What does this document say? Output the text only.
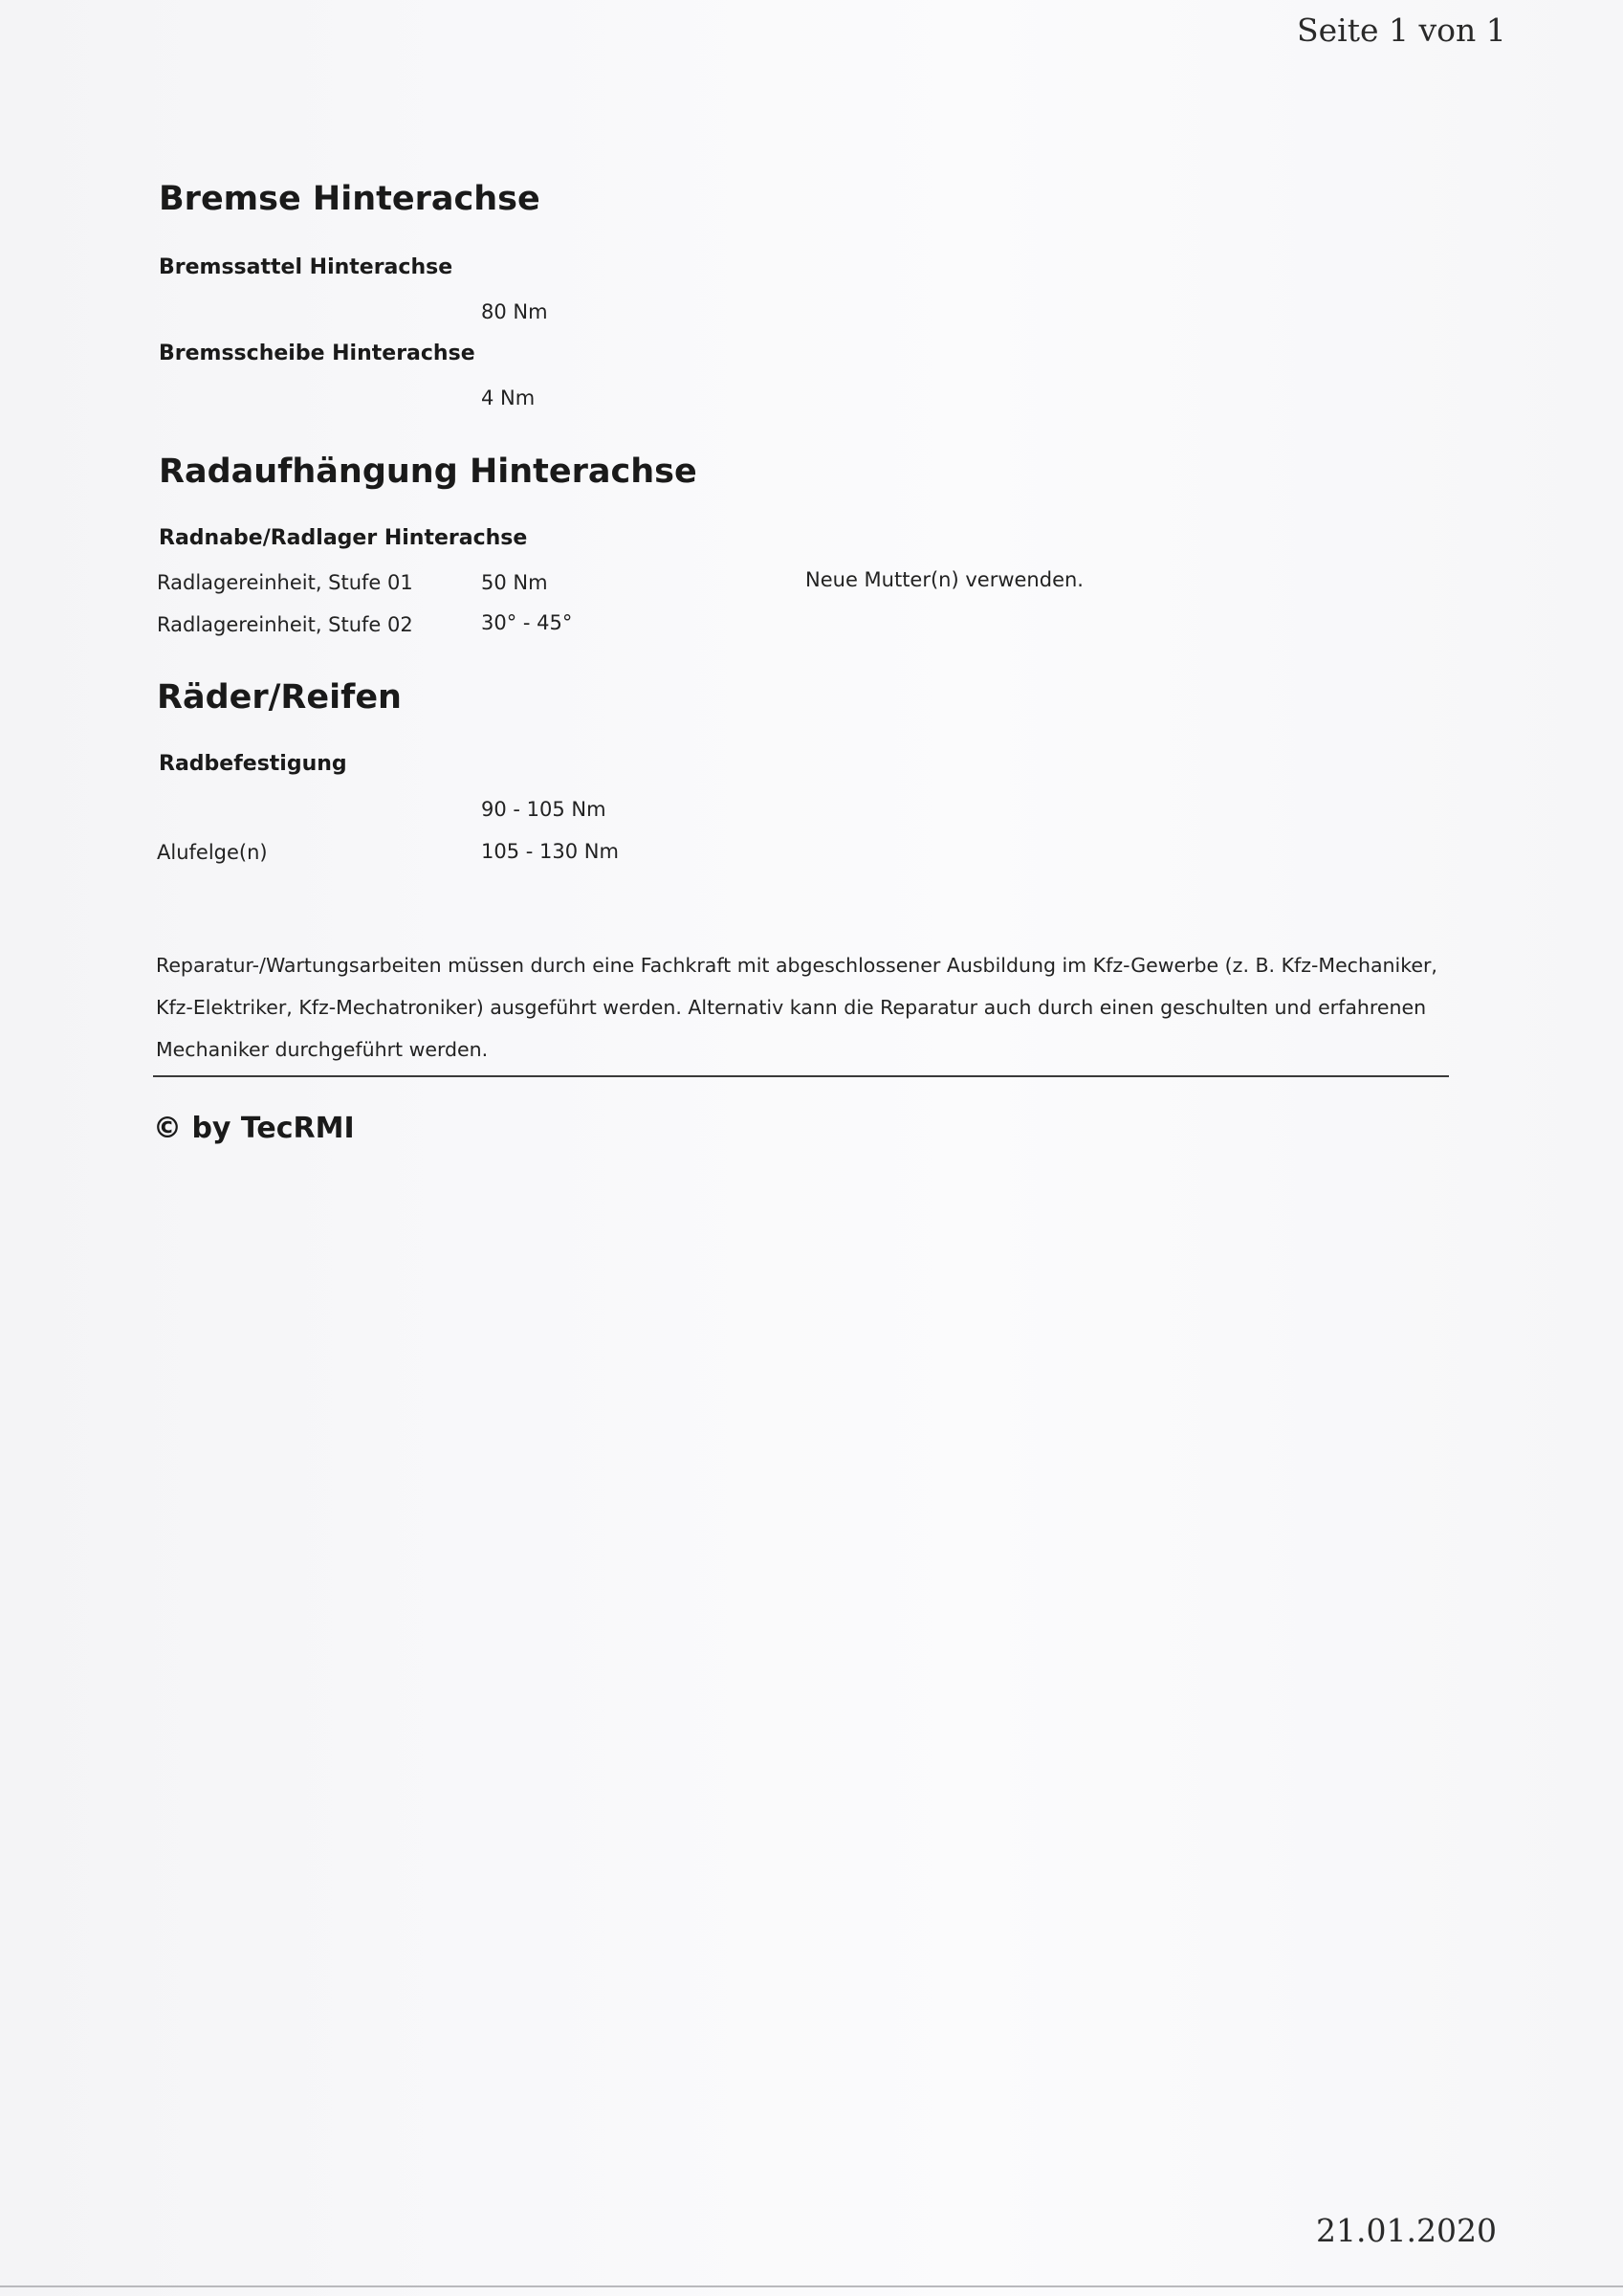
Seite 1 von 1
Bremse Hinterachse
Bremssattel Hinterachse
80 Nm
Bremsscheibe Hinterachse
4 Nm
Radaufhängung Hinterachse
Radnabe/Radlager Hinterachse
Radlagereinheit, Stufe 01	50 Nm	Neue Mutter(n) verwenden.
Radlagereinheit, Stufe 02	30° - 45°
Räder/Reifen
Radbefestigung
90 - 105 Nm
Alufelge(n)	105 - 130 Nm
Reparatur-/Wartungsarbeiten müssen durch eine Fachkraft mit abgeschlossener Ausbildung im Kfz-Gewerbe (z. B. Kfz-Mechaniker, Kfz-Elektriker, Kfz-Mechatroniker) ausgeführt werden. Alternativ kann die Reparatur auch durch einen geschulten und erfahrenen Mechaniker durchgeführt werden.
© by TecRMI
21.01.2020
